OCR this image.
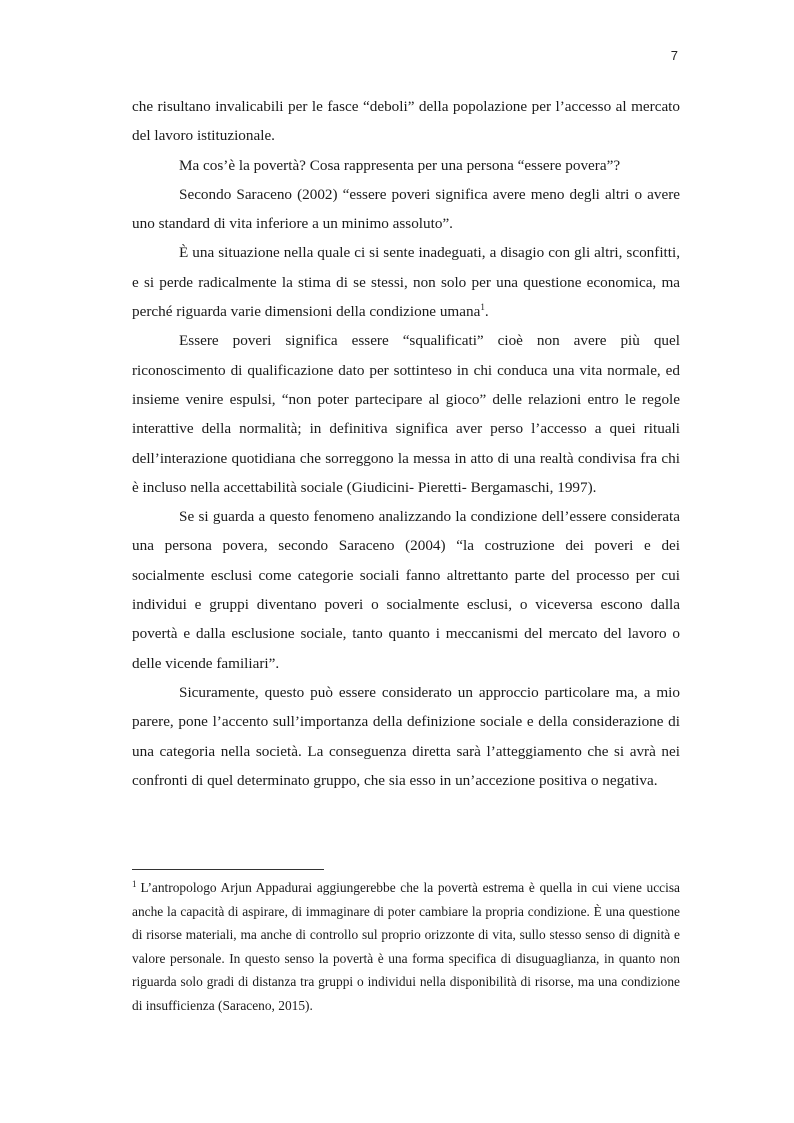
7

che risultano invalicabili per le fasce “deboli” della popolazione per l’accesso al mercato del lavoro istituzionale.

Ma cos’è la povertà? Cosa rappresenta per una persona “essere povera”?

Secondo Saraceno (2002) “essere poveri significa avere meno degli altri o avere uno standard di vita inferiore a un minimo assoluto”.

È una situazione nella quale ci si sente inadeguati, a disagio con gli altri, sconfitti, e si perde radicalmente la stima di se stessi, non solo per una questione economica, ma perché riguarda varie dimensioni della condizione umana$^1$.

Essere poveri significa essere “squalificati” cioè non avere più quel riconoscimento di qualificazione dato per sottinteso in chi conduca una vita normale, ed insieme venire espulsi, “non poter partecipare al gioco” delle relazioni entro le regole interattive della normalità; in definitiva significa aver perso l’accesso a quei rituali dell’interazione quotidiana che sorreggono la messa in atto di una realtà condivisa fra chi è incluso nella accettabilità sociale (Giudicini- Pieretti- Bergamaschi, 1997).

Se si guarda a questo fenomeno analizzando la condizione dell’essere considerata una persona povera, secondo Saraceno (2004) “la costruzione dei poveri e dei socialmente esclusi come categorie sociali fanno altrettanto parte del processo per cui individui e gruppi diventano poveri o socialmente esclusi, o viceversa escono dalla povertà e dalla esclusione sociale, tanto quanto i meccanismi del mercato del lavoro o delle vicende familiari”.

Sicuramente, questo può essere considerato un approccio particolare ma, a mio parere, pone l’accento sull’importanza della definizione sociale e della considerazione di una categoria nella società. La conseguenza diretta sarà l’atteggiamento che si avrà nei confronti di quel determinato gruppo, che sia esso in un’accezione positiva o negativa.

$^1$ L’antropologo Arjun Appadurai aggiungerebbe che la povertà estrema è quella in cui viene uccisa anche la capacità di aspirare, di immaginare di poter cambiare la propria condizione. È una questione di risorse materiali, ma anche di controllo sul proprio orizzonte di vita, sullo stesso senso di dignità e valore personale. In questo senso la povertà è una forma specifica di disuguaglianza, in quanto non riguarda solo gradi di distanza tra gruppi o individui nella disponibilità di risorse, ma una condizione di insufficienza (Saraceno, 2015).
